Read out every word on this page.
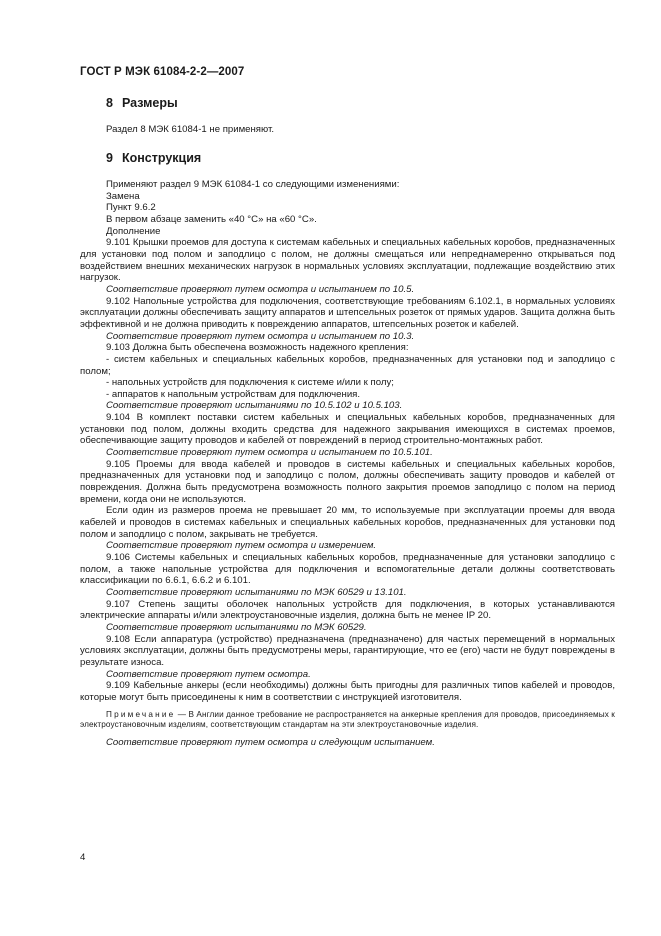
ГОСТ Р МЭК 61084-2-2—2007
8 Размеры

Раздел 8 МЭК 61084-1 не применяют.

9 Конструкция

Применяют раздел 9 МЭК 61084-1 со следующими изменениями:

Замена

Пункт 9.6.2

В первом абзаце заменить «40 °С» на «60 °С».

Дополнение

9.101 Крышки проемов для доступа к системам кабельных и специальных кабельных коробов, предназначенных для установки под полом и заподлицо с полом, не должны смещаться или непреднамеренно открываться под воздействием внешних механических нагрузок в нормальных условиях эксплуатации, подлежащие воздействию этих нагрузок.

Соответствие проверяют путем осмотра и испытанием по 10.5.

9.102 Напольные устройства для подключения, соответствующие требованиям 6.102.1, в нормальных условиях эксплуатации должны обеспечивать защиту аппаратов и штепсельных розеток от прямых ударов. Защита должна быть эффективной и не должна приводить к повреждению аппаратов, штепсельных розеток и кабелей.

Соответствие проверяют путем осмотра и испытанием по 10.3.

9.103 Должна быть обеспечена возможность надежного крепления:

- систем кабельных и специальных кабельных коробов, предназначенных для установки под и заподлицо с полом;

- напольных устройств для подключения к системе и/или к полу;

- аппаратов к напольным устройствам для подключения.

Соответствие проверяют испытаниями по 10.5.102 и 10.5.103.

9.104 В комплект поставки систем кабельных и специальных кабельных коробов, предназначенных для установки под полом, должны входить средства для надежного закрывания имеющихся в системах проемов, обеспечивающие защиту проводов и кабелей от повреждений в период строительно-монтажных работ.

Соответствие проверяют путем осмотра и испытанием по 10.5.101.

9.105 Проемы для ввода кабелей и проводов в системы кабельных и специальных кабельных коробов, предназначенных для установки под и заподлицо с полом, должны обеспечивать защиту проводов и кабелей от повреждения. Должна быть предусмотрена возможность полного закрытия проемов заподлицо с полом на период времени, когда они не используются.

Если один из размеров проема не превышает 20 мм, то используемые при эксплуатации проемы для ввода кабелей и проводов в системах кабельных и специальных кабельных коробов, предназначенных для установки под полом и заподлицо с полом, закрывать не требуется.

Соответствие проверяют путем осмотра и измерением.

9.106 Системы кабельных и специальных кабельных коробов, предназначенные для установки заподлицо с полом, а также напольные устройства для подключения и вспомогательные детали должны соответствовать классификации по 6.6.1, 6.6.2 и 6.101.

Соответствие проверяют испытаниями по МЭК 60529 и 13.101.

9.107 Степень защиты оболочек напольных устройств для подключения, в которых устанавливаются электрические аппараты и/или электроустановочные изделия, должна быть не менее IP 20.

Соответствие проверяют испытаниями по МЭК 60529.

9.108 Если аппаратура (устройство) предназначена (предназначено) для частых перемещений в нормальных условиях эксплуатации, должны быть предусмотрены меры, гарантирующие, что ее (его) части не будут повреждены в результате износа.

Соответствие проверяют путем осмотра.

9.109 Кабельные анкеры (если необходимы) должны быть пригодны для различных типов кабелей и проводов, которые могут быть присоединены к ним в соответствии с инструкцией изготовителя.

Примечание — В Англии данное требование не распространяется на анкерные крепления для проводов, присоединяемых к электроустановочным изделиям, соответствующим стандартам на эти электроустановочные изделия.

Соответствие проверяют путем осмотра и следующим испытанием.

4
